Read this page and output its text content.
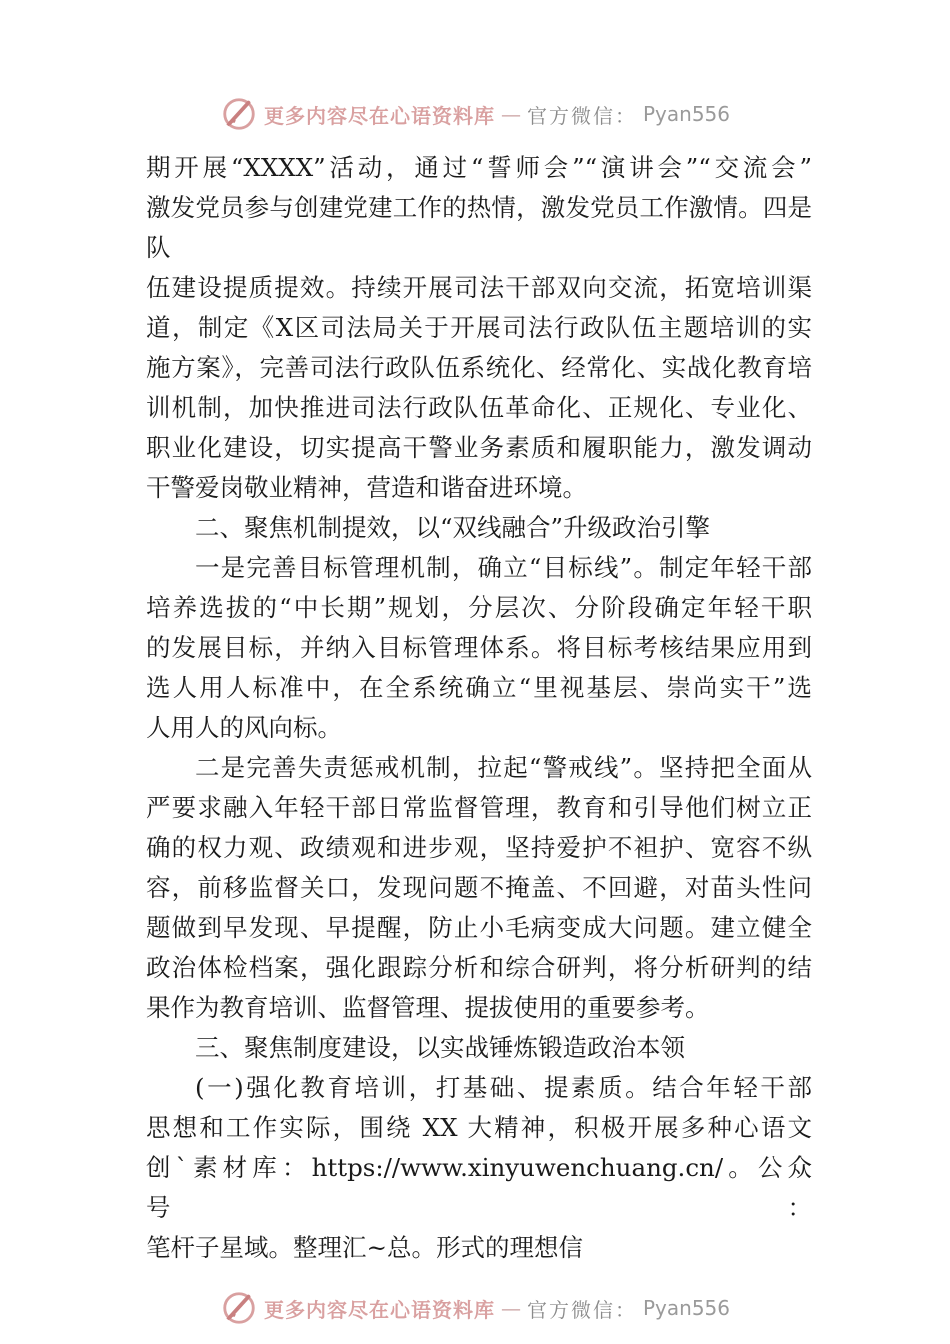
更多内容尽在心语资料库 — 官方微信： Pyan556

期开展“XXXX”活动，通过“誓师会”“演讲会”“交流会”

激发党员参与创建党建工作的热情，激发党员工作激情。四是队

伍建设提质提效。持续开展司法干部双向交流，拓宽培训渠

道，制定《X区司法局关于开展司法行政队伍主题培训的实

施方案》，完善司法行政队伍系统化、经常化、实战化教育培

训机制，加快推进司法行政队伍革命化、正规化、专业化、

职业化建设，切实提高干警业务素质和履职能力，激发调动

干警爱岗敬业精神，营造和谐奋进环境。

二、聚焦机制提效，以“双线融合”升级政治引擎

一是完善目标管理机制，确立“目标线”。制定年轻干部

培养选拔的“中长期”规划，分层次、分阶段确定年轻干职

的发展目标，并纳入目标管理体系。将目标考核结果应用到

选人用人标准中，在全系统确立“里视基层、崇尚实干”选

人用人的风向标。

二是完善失责惩戒机制，拉起“警戒线”。坚持把全面从

严要求融入年轻干部日常监督管理，教育和引导他们树立正

确的权力观、政绩观和进步观，坚持爱护不袒护、宽容不纵

容，前移监督关口，发现问题不掩盖、不回避，对苗头性问

题做到早发现、早提醒，防止小毛病变成大问题。建立健全

政治体检档案，强化跟踪分析和综合研判，将分析研判的结

果作为教育培训、监督管理、提拔使用的重要参考。

三、聚焦制度建设，以实战锤炼锻造政治本领

(一)强化教育培训，打基础、提素质。结合年轻干部

思想和工作实际，围绕 XX 大精神，积极开展多种心语文

创`素材库：https://www.xinyuwenchuang.cn/。公众号：

笔杆子星域。整理汇~总。形式的理想信

更多内容尽在心语资料库 — 官方微信： Pyan556
